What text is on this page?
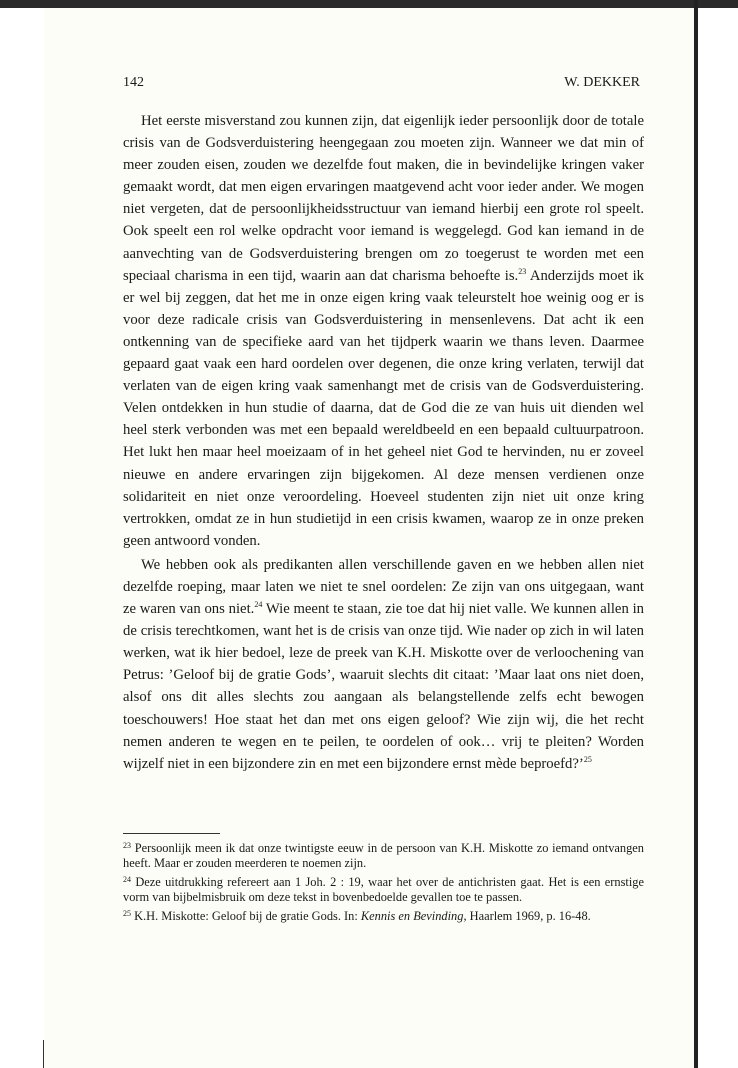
142	W. DEKKER

Het eerste misverstand zou kunnen zijn, dat eigenlijk ieder persoonlijk door de totale crisis van de Godsverduistering heengegaan zou moeten zijn. Wanneer we dat min of meer zouden eisen, zouden we dezelfde fout maken, die in bevindelijke kringen vaker gemaakt wordt, dat men eigen ervaringen maatgevend acht voor ieder ander. We mogen niet vergeten, dat de persoonlijkheidsstructuur van iemand hierbij een grote rol speelt. Ook speelt een rol welke opdracht voor iemand is weggelegd. God kan iemand in de aanvechting van de Godsverduistering brengen om zo toegerust te worden met een speciaal charisma in een tijd, waarin aan dat charisma behoefte is.$^{23}$ Anderzijds moet ik er wel bij zeggen, dat het me in onze eigen kring vaak teleurstelt hoe weinig oog er is voor deze radicale crisis van Godsverduistering in mensenlevens. Dat acht ik een ontkenning van de specifieke aard van het tijdperk waarin we thans leven. Daarmee gepaard gaat vaak een hard oordelen over degenen, die onze kring verlaten, terwijl dat verlaten van de eigen kring vaak samenhangt met de crisis van de Godsverduistering. Velen ontdekken in hun studie of daarna, dat de God die ze van huis uit dienden wel heel sterk verbonden was met een bepaald wereldbeeld en een bepaald cultuurpatroon. Het lukt hen maar heel moeizaam of in het geheel niet God te hervinden, nu er zoveel nieuwe en andere ervaringen zijn bijgekomen. Al deze mensen verdienen onze solidariteit en niet onze veroordeling. Hoeveel studenten zijn niet uit onze kring vertrokken, omdat ze in hun studietijd in een crisis kwamen, waarop ze in onze preken geen antwoord vonden.

We hebben ook als predikanten allen verschillende gaven en we hebben allen niet dezelfde roeping, maar laten we niet te snel oordelen: Ze zijn van ons uitgegaan, want ze waren van ons niet.$^{24}$ Wie meent te staan, zie toe dat hij niet valle. We kunnen allen in de crisis terechtkomen, want het is de crisis van onze tijd. Wie nader op zich in wil laten werken, wat ik hier bedoel, leze de preek van K.H. Miskotte over de verloochening van Petrus: ’Geloof bij de gratie Gods’, waaruit slechts dit citaat: ’Maar laat ons niet doen, alsof ons dit alles slechts zou aangaan als belangstellende zelfs echt bewogen toeschouwers! Hoe staat het dan met ons eigen geloof? Wie zijn wij, die het recht nemen anderen te wegen en te peilen, te oordelen of ook… vrij te pleiten? Worden wijzelf niet in een bijzondere zin en met een bijzondere ernst mède beproefd?’$^{25}$

$^{23}$ Persoonlijk meen ik dat onze twintigste eeuw in de persoon van K.H. Miskotte zo iemand ontvangen heeft. Maar er zouden meerderen te noemen zijn.

$^{24}$ Deze uitdrukking refereert aan 1 Joh. 2 : 19, waar het over de antichristen gaat. Het is een ernstige vorm van bijbelmisbruik om deze tekst in bovenbedoelde gevallen toe te passen.

$^{25}$ K.H. Miskotte: Geloof bij de gratie Gods. In: Kennis en Bevinding, Haarlem 1969, p. 16-48.
